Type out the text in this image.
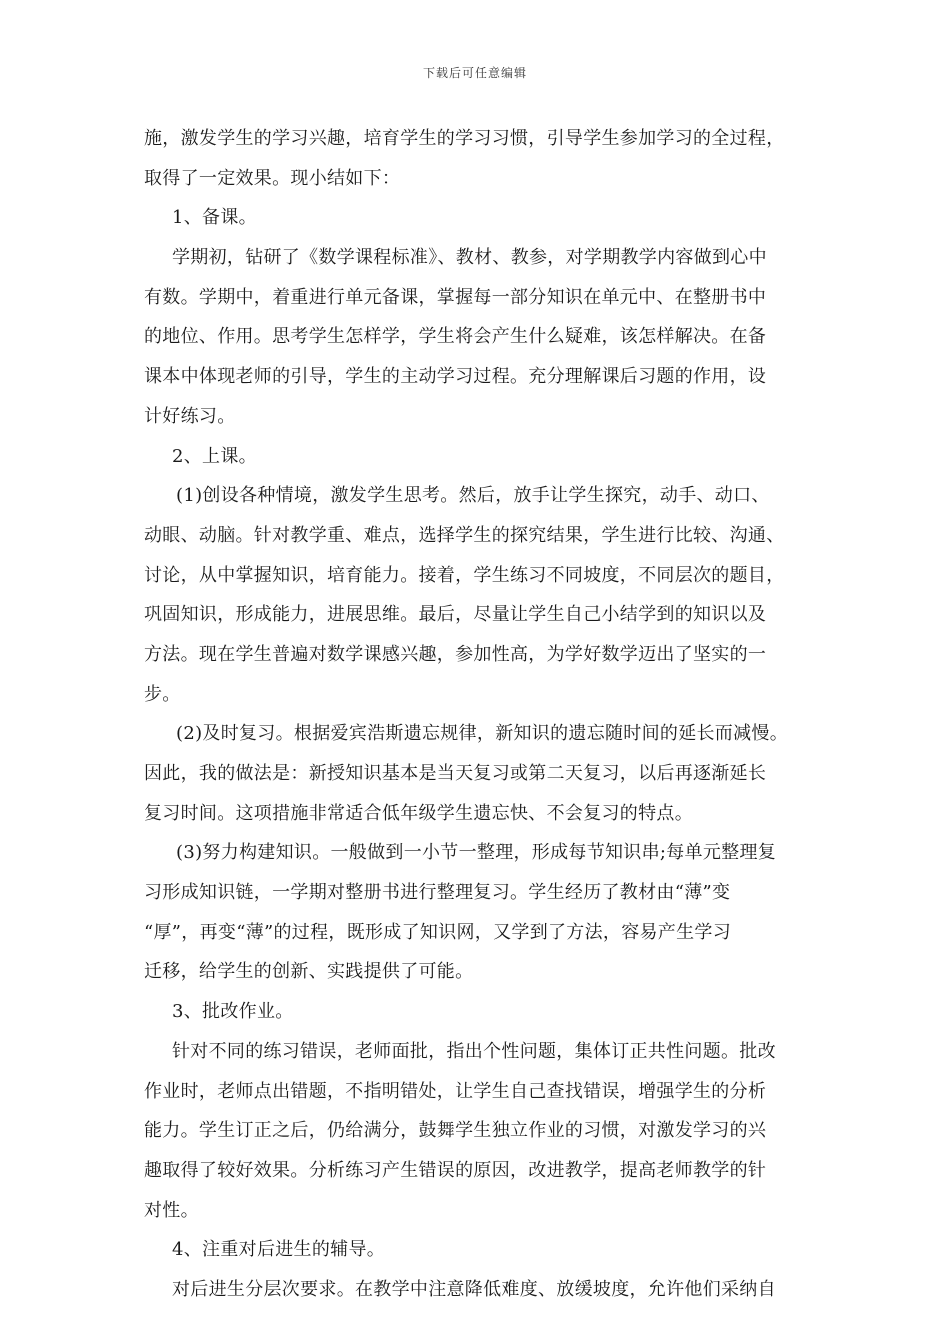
下载后可任意编辑
施，激发学生的学习兴趣，培育学生的学习习惯，引导学生参加学习的全过程，
取得了一定效果。现小结如下：
1、备课。
学期初，钻研了《数学课程标准》、教材、教参，对学期教学内容做到心中
有数。学期中，着重进行单元备课，掌握每一部分知识在单元中、在整册书中
的地位、作用。思考学生怎样学，学生将会产生什么疑难，该怎样解决。在备
课本中体现老师的引导，学生的主动学习过程。充分理解课后习题的作用，设
计好练习。
2、上课。
(1)创设各种情境，激发学生思考。然后，放手让学生探究，动手、动口、
动眼、动脑。针对教学重、难点，选择学生的探究结果，学生进行比较、沟通、
讨论，从中掌握知识，培育能力。接着，学生练习不同坡度，不同层次的题目，
巩固知识，形成能力，进展思维。最后，尽量让学生自己小结学到的知识以及
方法。现在学生普遍对数学课感兴趣，参加性高，为学好数学迈出了坚实的一
步。
(2)及时复习。根据爱宾浩斯遗忘规律，新知识的遗忘随时间的延长而减慢。
因此，我的做法是：新授知识基本是当天复习或第二天复习，以后再逐渐延长
复习时间。这项措施非常适合低年级学生遗忘快、不会复习的特点。
(3)努力构建知识。一般做到一小节一整理，形成每节知识串;每单元整理复
习形成知识链，一学期对整册书进行整理复习。学生经历了教材由“薄”变
“厚”，再变“薄”的过程，既形成了知识网，又学到了方法，容易产生学习
迁移，给学生的创新、实践提供了可能。
3、批改作业。
针对不同的练习错误，老师面批，指出个性问题，集体订正共性问题。批改
作业时，老师点出错题，不指明错处，让学生自己查找错误，增强学生的分析
能力。学生订正之后，仍给满分，鼓舞学生独立作业的习惯，对激发学习的兴
趣取得了较好效果。分析练习产生错误的原因，改进教学，提高老师教学的针
对性。
4、注重对后进生的辅导。
对后进生分层次要求。在教学中注意降低难度、放缓坡度，允许他们采纳自
